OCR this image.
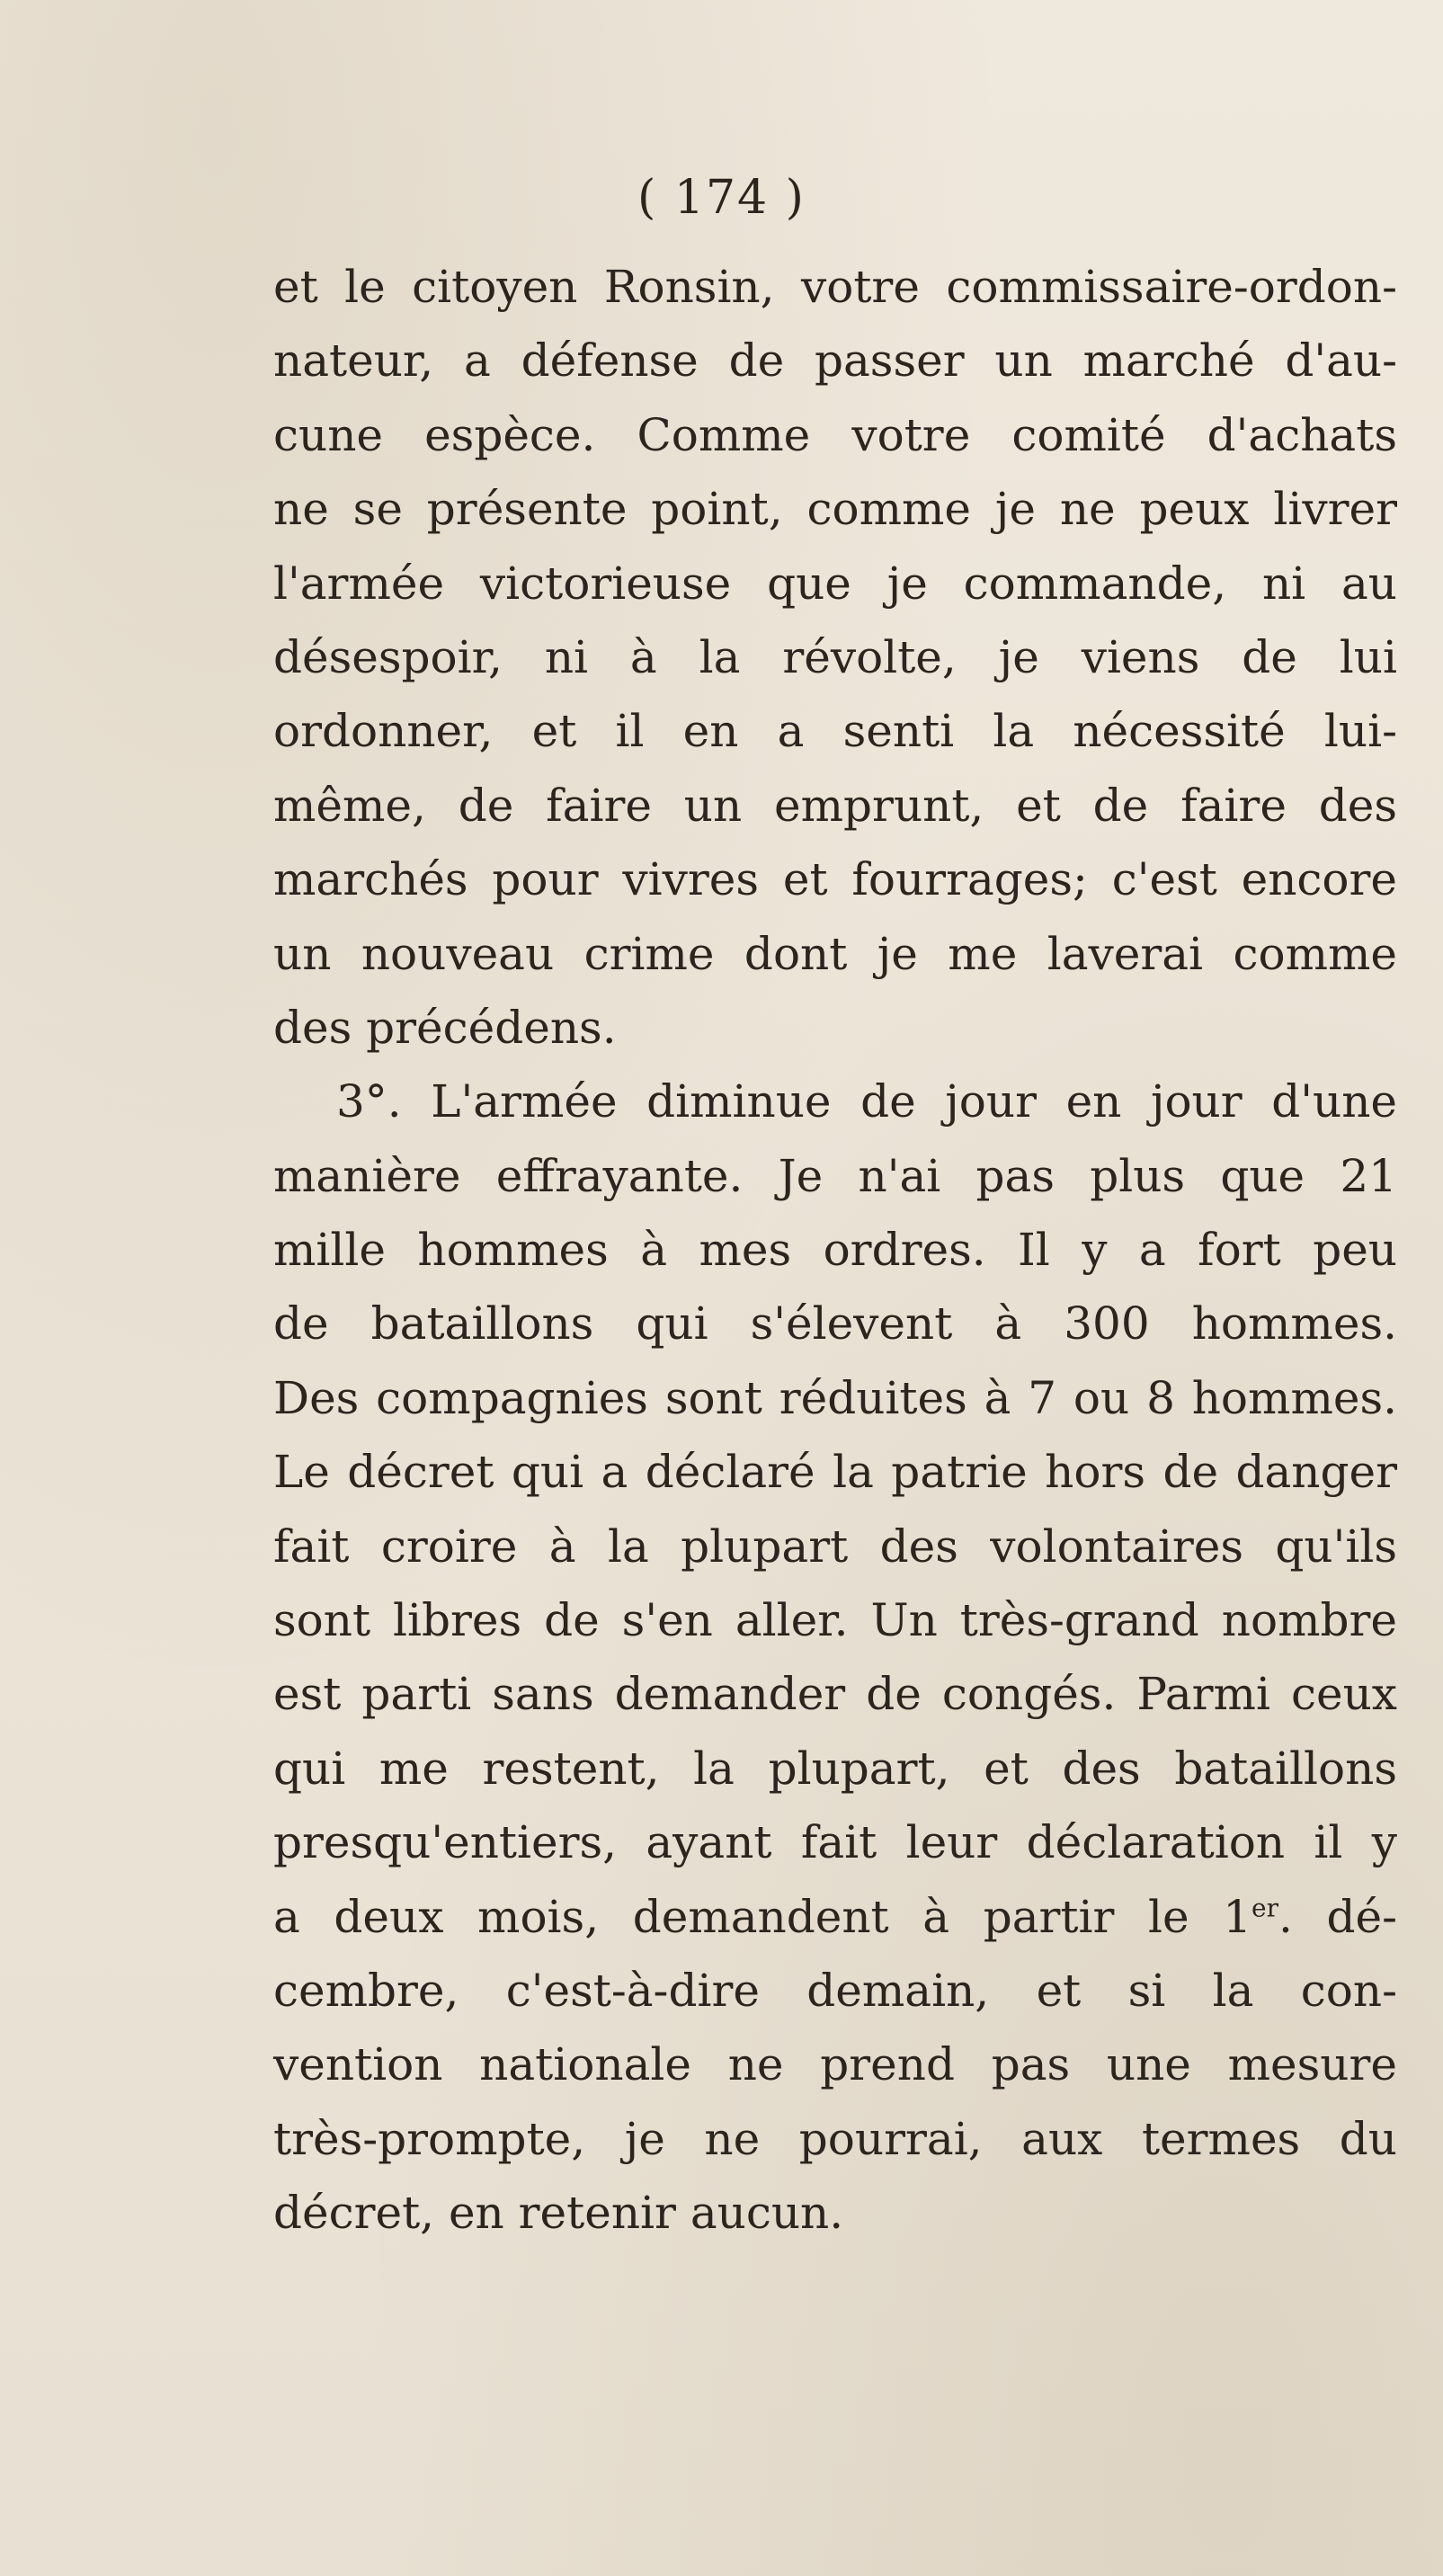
( 174 )
et le citoyen Ronsin, votre commissaire-ordon-
nateur, a défense de passer un marché d'au-
cune espèce. Comme votre comité d'achats
ne se présente point, comme je ne peux livrer
l'armée victorieuse que je commande, ni au
désespoir, ni à la révolte, je viens de lui
ordonner, et il en a senti la nécessité lui-
même, de faire un emprunt, et de faire des
marchés pour vivres et fourrages; c'est encore
un nouveau crime dont je me laverai comme
des précédens.
3°. L'armée diminue de jour en jour d'une
manière effrayante. Je n'ai pas plus que 21
mille hommes à mes ordres. Il y a fort peu
de bataillons qui s'élevent à 300 hommes.
Des compagnies sont réduites à 7 ou 8 hommes.
Le décret qui a déclaré la patrie hors de danger
fait croire à la plupart des volontaires qu'ils
sont libres de s'en aller. Un très-grand nombre
est parti sans demander de congés. Parmi ceux
qui me restent, la plupart, et des bataillons
presqu'entiers, ayant fait leur déclaration il y
a deux mois, demandent à partir le 1er. dé-
cembre, c'est-à-dire demain, et si la con-
vention nationale ne prend pas une mesure
très-prompte, je ne pourrai, aux termes du
décret, en retenir aucun.
